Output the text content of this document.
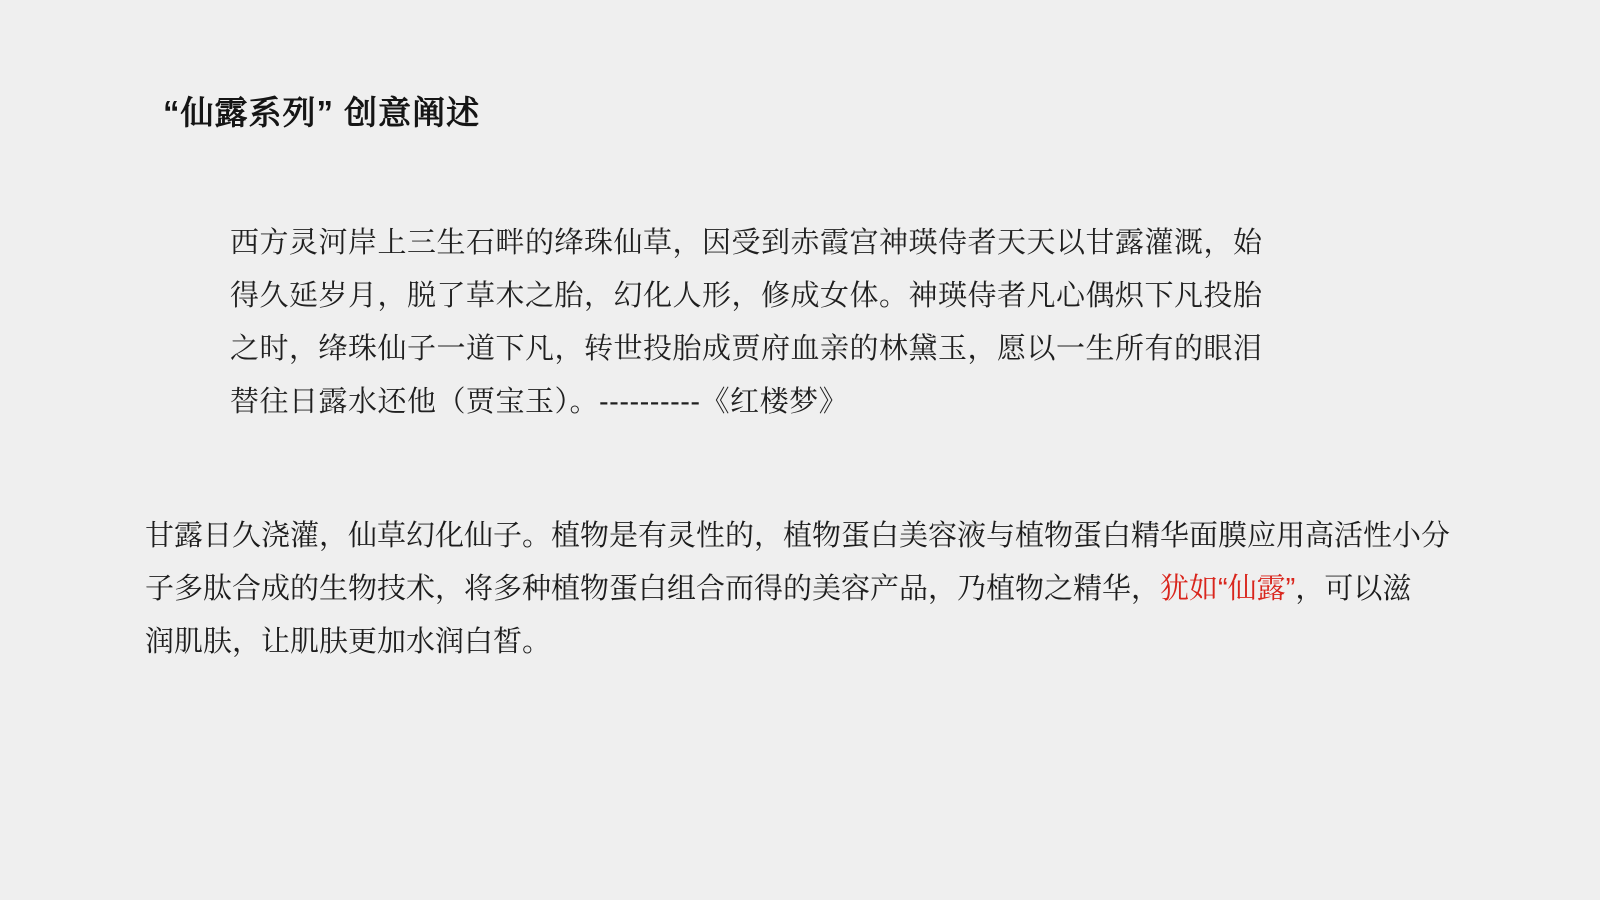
“仙露系列” 创意阐述
西方灵河岸上三生石畔的绛珠仙草，因受到赤霞宫神瑛侍者天天以甘露灌溉，始
得久延岁月，脱了草木之胎，幻化人形，修成女体。神瑛侍者凡心偶炽下凡投胎
之时，绛珠仙子一道下凡，转世投胎成贾府血亲的林黛玉，愿以一生所有的眼泪
替往日露水还他（贾宝玉）。----------《红楼梦》
甘露日久浇灌，仙草幻化仙子。植物是有灵性的，植物蛋白美容液与植物蛋白精华面膜应用高活性小分
子多肽合成的生物技术，将多种植物蛋白组合而得的美容产品，乃植物之精华，犹如“仙露”，可以滋
润肌肤，让肌肤更加水润白皙。
